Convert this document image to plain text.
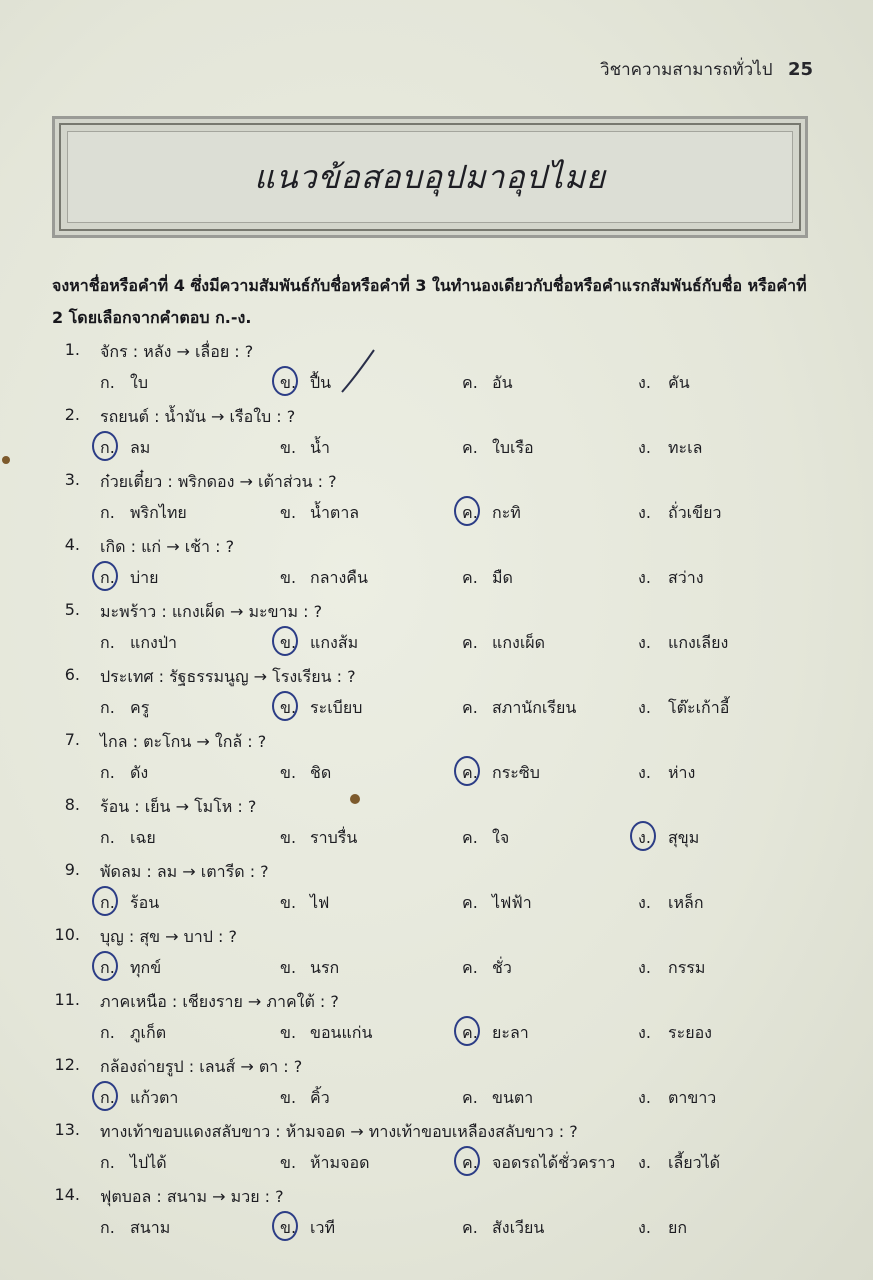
วิชาความสามารถทั่วไป 25
แนวข้อสอบอุปมาอุปไมย
จงหาชื่อหรือคำที่ 4 ซึ่งมีความสัมพันธ์กับชื่อหรือคำที่ 3 ในทำนองเดียวกับชื่อหรือคำแรกสัมพันธ์กับชื่อ หรือคำที่ 2 โดยเลือกจากคำตอบ ก.-ง.
1. จักร : หลัง → เลื่อย : ?
ก. ใบ	ข. ปื้น	ค. อัน	ง. คัน
2. รถยนต์ : น้ำมัน → เรือใบ : ?
ก. ลม	ข. น้ำ	ค. ใบเรือ	ง. ทะเล
3. ก๋วยเตี๋ยว : พริกดอง → เต้าส่วน : ?
ก. พริกไทย	ข. น้ำตาล	ค. กะทิ	ง. ถั่วเขียว
4. เกิด : แก่ → เช้า : ?
ก. บ่าย	ข. กลางคืน	ค. มืด	ง. สว่าง
5. มะพร้าว : แกงเผ็ด → มะขาม : ?
ก. แกงป่า	ข. แกงส้ม	ค. แกงเผ็ด	ง. แกงเลียง
6. ประเทศ : รัฐธรรมนูญ → โรงเรียน : ?
ก. ครู	ข. ระเบียบ	ค. สภานักเรียน	ง. โต๊ะเก้าอี้
7. ไกล : ตะโกน → ใกล้ : ?
ก. ดัง	ข. ชิด	ค. กระซิบ	ง. ห่าง
8. ร้อน : เย็น → โมโห : ?
ก. เฉย	ข. ราบรื่น	ค. ใจ	ง. สุขุม
9. พัดลม : ลม → เตารีด : ?
ก. ร้อน	ข. ไฟ	ค. ไฟฟ้า	ง. เหล็ก
10. บุญ : สุข → บาป : ?
ก. ทุกข์	ข. นรก	ค. ชั่ว	ง. กรรม
11. ภาคเหนือ : เชียงราย → ภาคใต้ : ?
ก. ภูเก็ต	ข. ขอนแก่น	ค. ยะลา	ง. ระยอง
12. กล้องถ่ายรูป : เลนส์ → ตา : ?
ก. แก้วตา	ข. คิ้ว	ค. ขนตา	ง. ตาขาว
13. ทางเท้าขอบแดงสลับขาว : ห้ามจอด → ทางเท้าขอบเหลืองสลับขาว : ?
ก. ไปได้	ข. ห้ามจอด	ค. จอดรถได้ชั่วคราว ง. เลี้ยวได้
14. ฟุตบอล : สนาม → มวย : ?
ก. สนาม	ข. เวที	ค. สังเวียน	ง. ยก
